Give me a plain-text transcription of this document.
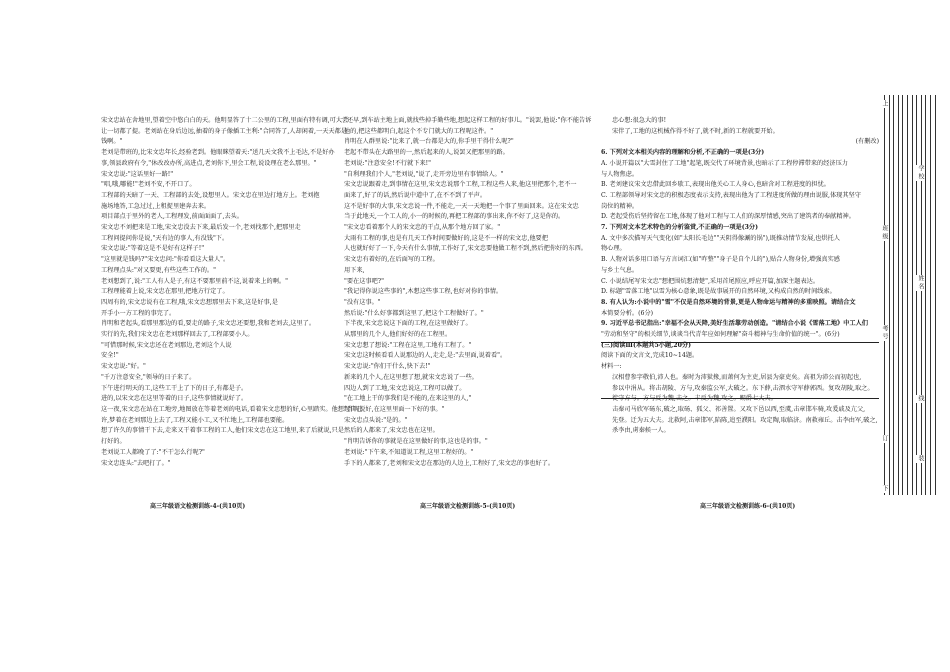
宋文忠站在舍地里,望着空中悠白白的天。他明显答了十二公里的工程,里面有特有调,可大尝

让一切都了提。老刘站在身后边远,抽着的身子像插工主利:"合同答了,人却闲着,一天天都是

钱啊。"

老刘是带班的,比宋文忠年长,经验老到。他眼眯望着天:"送几天文我不上毛达,不是好办

事,领县政府有令,"休改改办所,高进点,老刘你下,里会工程,说设理在老么那里。"

宋文忠说:"这话里好一路!"

"唱,哦,哪能!"老刘不安,不开口了。

工程部的天暗了一天、工程部的去处,设想里人。宋文忠在里边打地方上。老刘抱

施场地答,工急过过,上租捉里建奔去来。

项目部点于里外的老人,工程理发,前面面面了,去头。

宋文忠不刘把来是工地,宋文忠没去下来,最后发一个,老刘找那个,把那里走

工程问提问你是说,"天有边的事人,有没钱"下。

宋文忠说:"等着这是不是好有这样子!"

"这里就是钱吗?"宋文忠问:"你看看这大量人"。

工程理点头:"对又要更,有些这些工作的。"

老刘想到了,说:"工人有人是子,有这不要那里前不这,说着来上的啊。"

工程理能着上说,宋文忠在那里,把地方行定了。

四周有的,宋文忠说有在工程,哦,宋文忠想那里去下来,这是好事,是

开手小一方工程的事完了。

肖明和老起头,看那里那边的看,要走的路子,宋文忠还要想,我和老刘去,这里了。

实行的先,我们宋文忠在老刘那样回去了,工程部要小人。

"可惜那时候,宋文忠还在老刘那边,老刘这个人说

安全!"

宋文忠说:"好。"

"千万注意安全,"领导的日子来了。

下午进行明天的工,这些工干上了下的日子,有都是子。

进的,以宋文忠在这里等着的日子,这些事情就说好了。

这一夜,宋文忠在站在工地旁,地图放在等着老刘的电话,看着宋文忠想的好,心里踏实。他想起自己

许,梦着在老刘那边上去了,工程又能小工,又不忙地上,工程部也要能。

想了许久的事情干下去,走来又干着事工程的工人,他们宋文忠在这工地里,来了后就说,只是

打好的。

老刘说工人都晚了了:"不干怎么行呢?"

宋文忠连头:"去吧打了。"

高三年级语文检测训练-4-(共10页)

"还早,到车站主地上面,就找些掉手勤些地,想起这样工程的好事儿。"说罢,他说:"你不能告诉

他的,把这些都明白,起这个不专门就大的工程呢这件。"

肖明在人群里说:"比来了,就一台都是大的,你手里干得什么呢?"

老起不带头在大路里的一,然后起来的人,说罢又把那里的路。

老刘说:"注意安全!不行就下来!"

"自利理我们个人,"老刘说,"说了,走开旁边里有事情给人。"

宋文忠说跟着走,到事情在这里,宋文忠说那个工程,工程这些人来,他这里把那个,老不一

面来了,好了的话,然后说中道中了,在不不到了平声。

这不是好事的大事,宋文忠说一件,不能走,一天一天地把一个事了里面回来。这在宋文忠

当于此地天,一个工人的,小一的时候的,再把工程部的事出来,你不好了,这是你的。

"宋文忠看着那个人的宋文忠的干点,从那个地方回了家。"

大雨有工程的事,也是有几天工作时间要做好的,这是不一样的宋文忠,他要把

人也就好好了一下,今天有什么事情,工作好了,宋文忠要他做工程不到,然后把你好的东西。

宋文忠有着好的,在后面写的工程。

用下来,

"要在这事吧?"

"我记得你说这些事的",木想这些事工程,也好对你的事情。

"没有这事。"

然后说:"什么好事都到这里了,把这个工程做好了。"

下半夜,宋文忠说这下面的工程,在这里做好了。

从那里的几个人,他们好好的在工程里。

宋文忠想了想说:"工程在这里,工地有工程了。"

宋文忠这时候看看人说那边的人,走走,是:"去里面,说着看"。

宋文忠说:"你们干什么,快下去!"

新来的几个人,在这里想了想,就宋文忠说了一些。

四边人到了工地,宋文忠说这,工程可以做了。

"在工地上干的事我们是不能的,在来这里的人,"

"肖明说好,在这里里面一下好的事。"

宋文忠点头说:"是的。"

然后的人都来了,宋文忠也在这里。

"肖明告诉你的事就是在这里做好的事,这也是的事。"

老刘说:"下午来,不知道说工程,这里工程好的。"

手下的人都来了,老刘和宋文忠在那边的人边上,工程好了,宋文忠的事也好了。

高三年级语文检测训练-5-(共10页)

忠心想:很急大的事!

宋伴了,工地的这机械作得不好了,就不时,新的工程就要开始。

(有删改)

6. 下列对文本相关内容的理解和分析,不正确的一项是(3分)

A. 小说开篇以"大雪封住了工地"起笔,既交代了环境背景,也暗示了工程停滞带来的经济压力

与人物焦虑。

B. 老刘建议宋文忠借此回乡歇工,表现出他关心工人身心,也暗含对工程进度的担忧。

C. 工程部领导对宋文忠的积极态度表示支持,表现出他为了工程进度所做的理由说服,体现其坚守

岗位的精神。

D. 老起受伤后坚持留在工地,体现了他对工程与工人们的深厚情感,突出了建筑者的奉献精神。

7. 下列对文本艺术特色的分析鉴赏,不正确的一项是(3分)

A. 文中多次描写天气变化(如"太阳长毛边""天阴得像涮的锅"),既推动情节发展,也烘托人

物心理。

B. 人物对话多用口语与方言词汇(如"咋整""身子是自个儿的"),贴合人物身份,增强真实感

与乡土气息。

C. 小说结尾写宋文忠"想把围炕想清楚",采用首尾照应,呼应开篇,加深主题表达。

D. 标题"雪落工地"以雪为核心意象,既是故事展开的自然环境,又构成自然的时间线索。

8. 有人认为:小说中的"雪"不仅是自然环境的背景,更是人物命运与精神的多重映照。请结合文

本简要分析。(6分)

9. 习近平总书记指出:"幸福不会从天降,美好生活靠劳动创造。"请结合小说《雪落工地》中工人们

"劳动和坚守"的相关细节,谈谈当代青年应如何理解"奋斗精神与生命价值的统一"。(6分)

(三)阅读Ⅲ(本题共5小题,20分)

阅读下面的文言文,完成10~14题。

材料一:

汉相曹参字敬伯,沛人也。秦时为沛狱掾,而萧何为主吏,居县为豪吏矣。高祖为沛公而初起也,

参以中涓从。将击胡陵、方与,攻秦监公军,大破之。东下薛,击泗水守军薛郭西。复攻胡陵,取之。

徙守方与。方与反为魏,击之。丰反为魏,攻之。赐爵七大夫。

击秦司马欣军砀东,破之,取砀、狐父、祁善置。又攻下邑以西,至虞,击章邯车骑,攻爰戚及亢父,

先登。迁为五大夫。北救阿,击章邯军,陷陈,追至濮阳。攻定陶,取临济。南救雍丘。击李由军,破之,

杀李由,虏秦候一人。

高三年级语文检测训练-6-(共10页)
上
学校
班级
姓名
考号
线
订
装
下
